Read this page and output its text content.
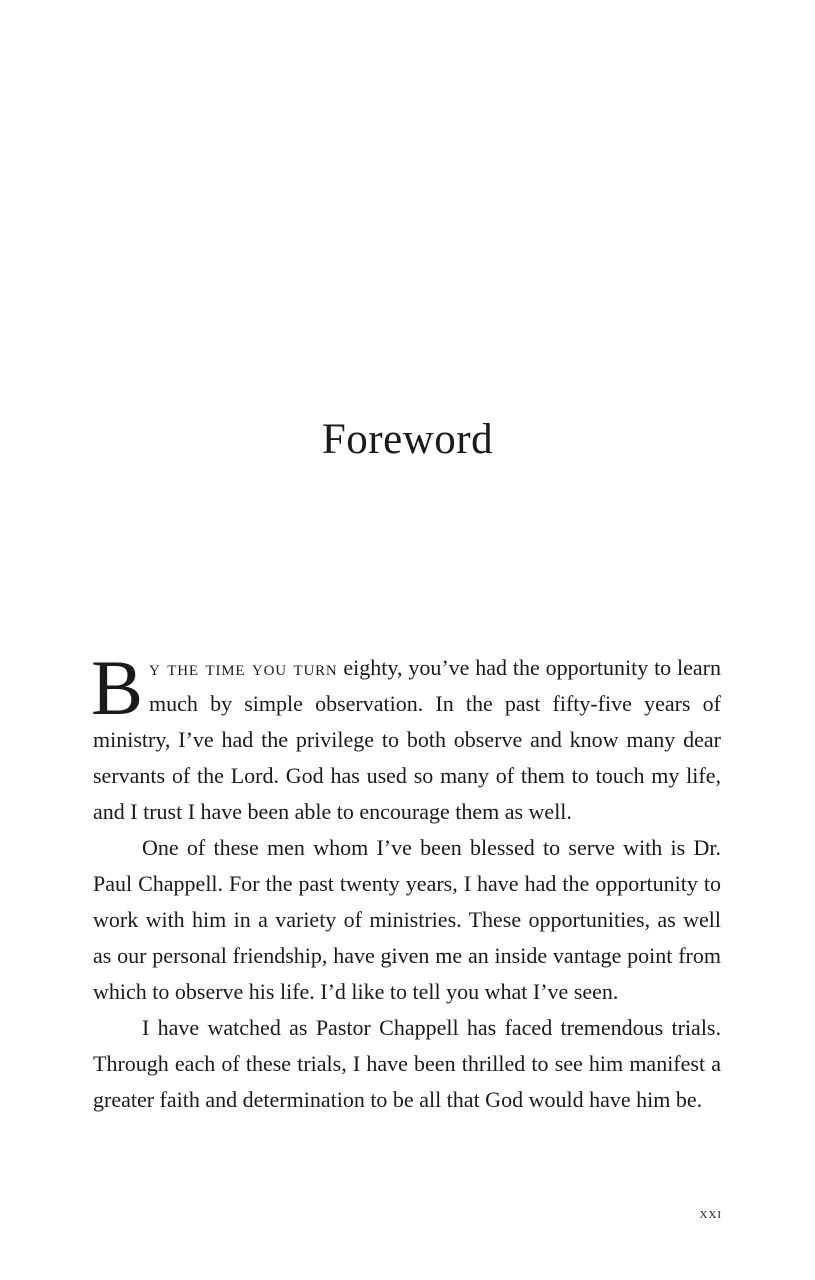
Foreword

By the time you turn eighty, you’ve had the opportunity to learn much by simple observation. In the past fifty-five years of ministry, I’ve had the privilege to both observe and know many dear servants of the Lord. God has used so many of them to touch my life, and I trust I have been able to encourage them as well.

One of these men whom I’ve been blessed to serve with is Dr. Paul Chappell. For the past twenty years, I have had the opportunity to work with him in a variety of ministries. These opportunities, as well as our personal friendship, have given me an inside vantage point from which to observe his life. I’d like to tell you what I’ve seen.

I have watched as Pastor Chappell has faced tremendous trials. Through each of these trials, I have been thrilled to see him manifest a greater faith and determination to be all that God would have him be.

xxi
